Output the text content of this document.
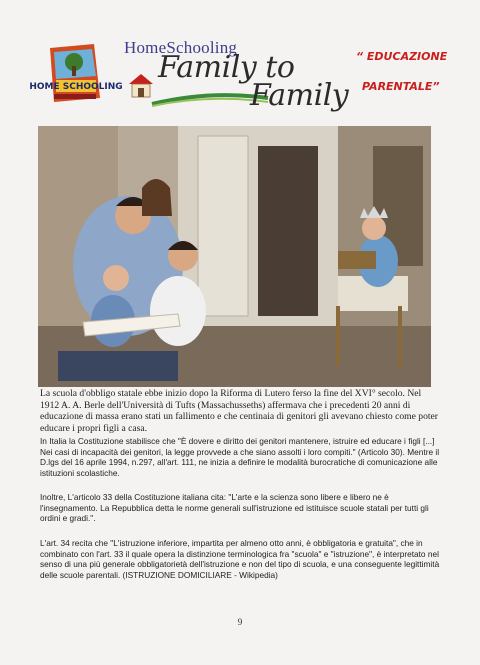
HOME SCHOOLING
HomeSchooling
Family to
Family
“ EDUCAZIONE
PARENTALE”
La scuola d'obbligo statale ebbe inizio dopo la Riforma di Lutero ferso la fine del XVI° secolo. Nel 1912 A. A. Berle dell'Università di Tufts (Massachusseths) affermava che i precedenti 20 anni di educazione di massa erano stati un fallimento e che centinaia di genitori gli avevano chiesto come poter educare i propri figli a casa.
In Italia la Costituzione stabilisce che "È dovere e diritto dei genitori mantenere, istruire ed educare i figli [...] Nei casi di incapacità dei genitori, la legge provvede a che siano assolti i loro compiti." (Articolo 30). Mentre il D.lgs del 16 aprile 1994, n.297, all'art. 111, ne inizia a definire le modalità burocratiche di comunicazione alle istituzioni scolastiche.
Inoltre, L'articolo 33 della Costituzione italiana cita: "L'arte e la scienza sono libere e libero ne è l'insegnamento. La Repubblica detta le norme generali sull'istruzione ed istituisce scuole statali per tutti gli ordini e gradi.".
L'art. 34 recita che "L'istruzione inferiore, impartita per almeno otto anni, è obbligatoria e gratuita", che in combinato con l'art. 33 il quale opera la distinzione terminologica fra "scuola" e "istruzione", è interpretato nel senso di una più generale obbligatorietà dell'istruzione e non del tipo di scuola, e una conseguente legittimità delle scuole parentali. (ISTRUZIONE DOMICILIARE - Wikipedia)
9
